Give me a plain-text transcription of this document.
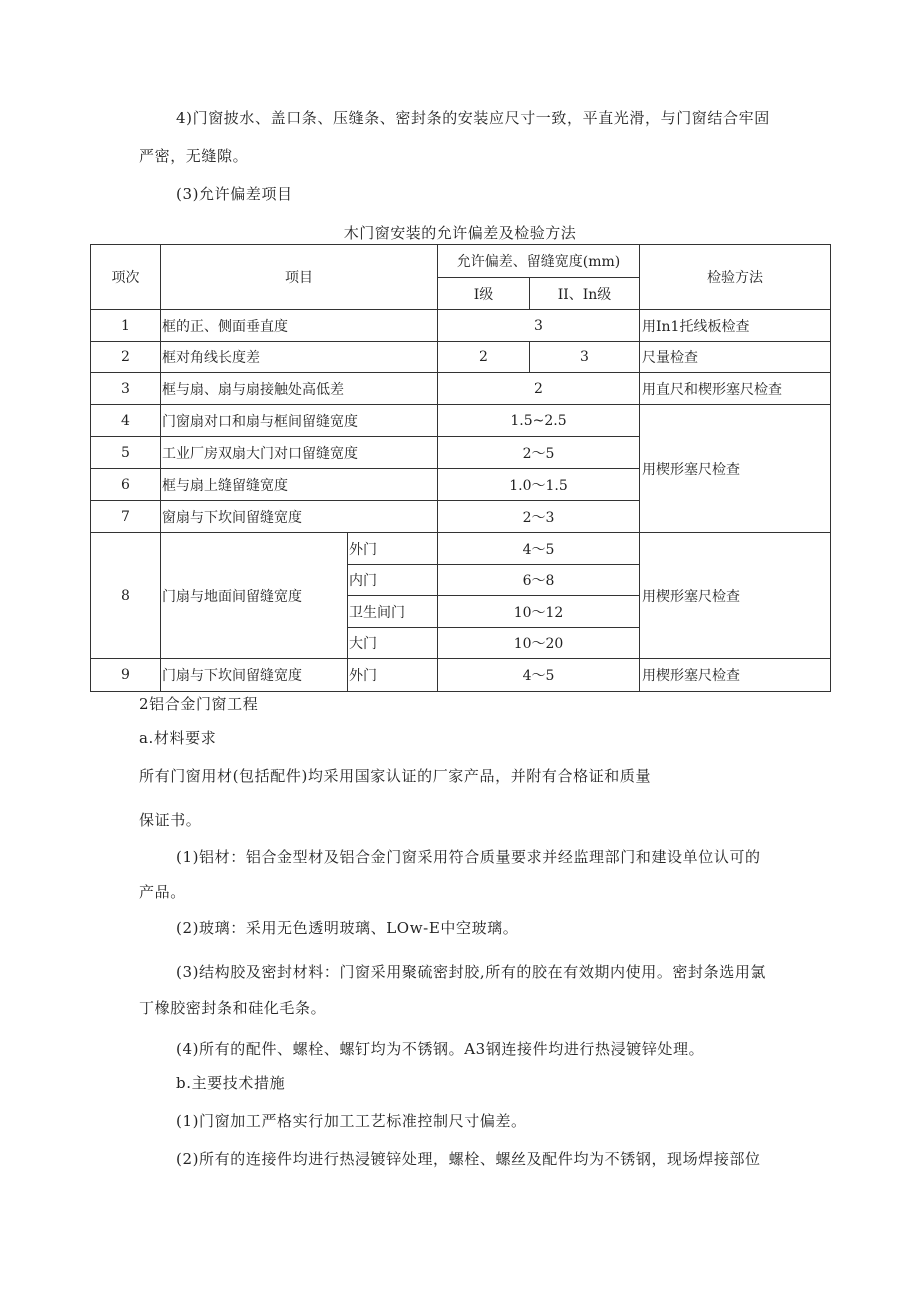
4)门窗披水、盖口条、压缝条、密封条的安装应尺寸一致，平直光滑，与门窗结合牢固
严密，无缝隙。
(3)允许偏差项目
木门窗安装的允许偏差及检验方法
项次	项目		允许偏差、留缝宽度(mm)		检验方法
			I级	II、In级	
1	框的正、侧面垂直度		3		用In1托线板检查
2	框对角线长度差		2	3	尺量检查
3	框与扇、扇与扇接触处高低差		2		用直尺和楔形塞尺检查
4	门窗扇对口和扇与框间留缝宽度		1.5~2.5		用楔形塞尺检查
5	工业厂房双扇大门对口留缝宽度		2～5		
6	框与扇上缝留缝宽度		1.0～1.5		
7	窗扇与下坎间留缝宽度		2～3		
8	门扇与地面间留缝宽度	外门	4～5		用楔形塞尺检查
		内门	6～8		
		卫生间门	10～12		
		大门	10～20		
9	门扇与下坎间留缝宽度	外门	4～5		用楔形塞尺检查
2铝合金门窗工程
a.材料要求
所有门窗用材(包括配件)均采用国家认证的厂家产品，并附有合格证和质量
保证书。
(1)铝材：铝合金型材及铝合金门窗采用符合质量要求并经监理部门和建设单位认可的
产品。
(2)玻璃：采用无色透明玻璃、LOw-E中空玻璃。
(3)结构胶及密封材料：门窗采用聚硫密封胶,所有的胶在有效期内使用。密封条选用氯
丁橡胶密封条和硅化毛条。
(4)所有的配件、螺栓、螺钉均为不锈钢。A3钢连接件均进行热浸镀锌处理。
b.主要技术措施
(1)门窗加工严格实行加工工艺标准控制尺寸偏差。
(2)所有的连接件均进行热浸镀锌处理，螺栓、螺丝及配件均为不锈钢，现场焊接部位
